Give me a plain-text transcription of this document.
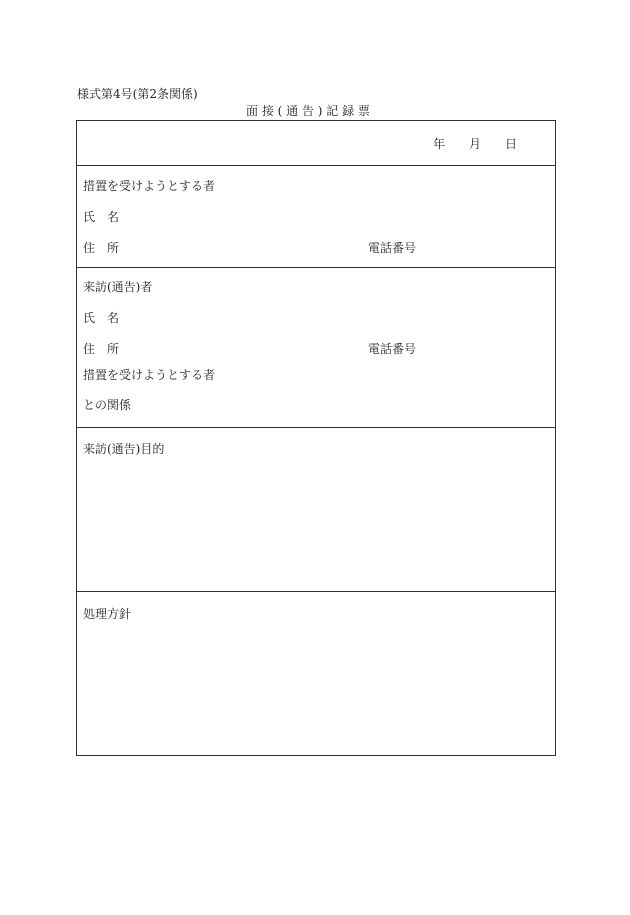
様式第4号(第2条関係)
面 接 ( 通 告 ) 記 録 票
年 月 日
措置を受けようとする者
氏　名
住　所	電話番号
来訪(通告)者
氏　名
住　所	電話番号
措置を受けようとする者
との関係
来訪(通告)目的
処理方針
